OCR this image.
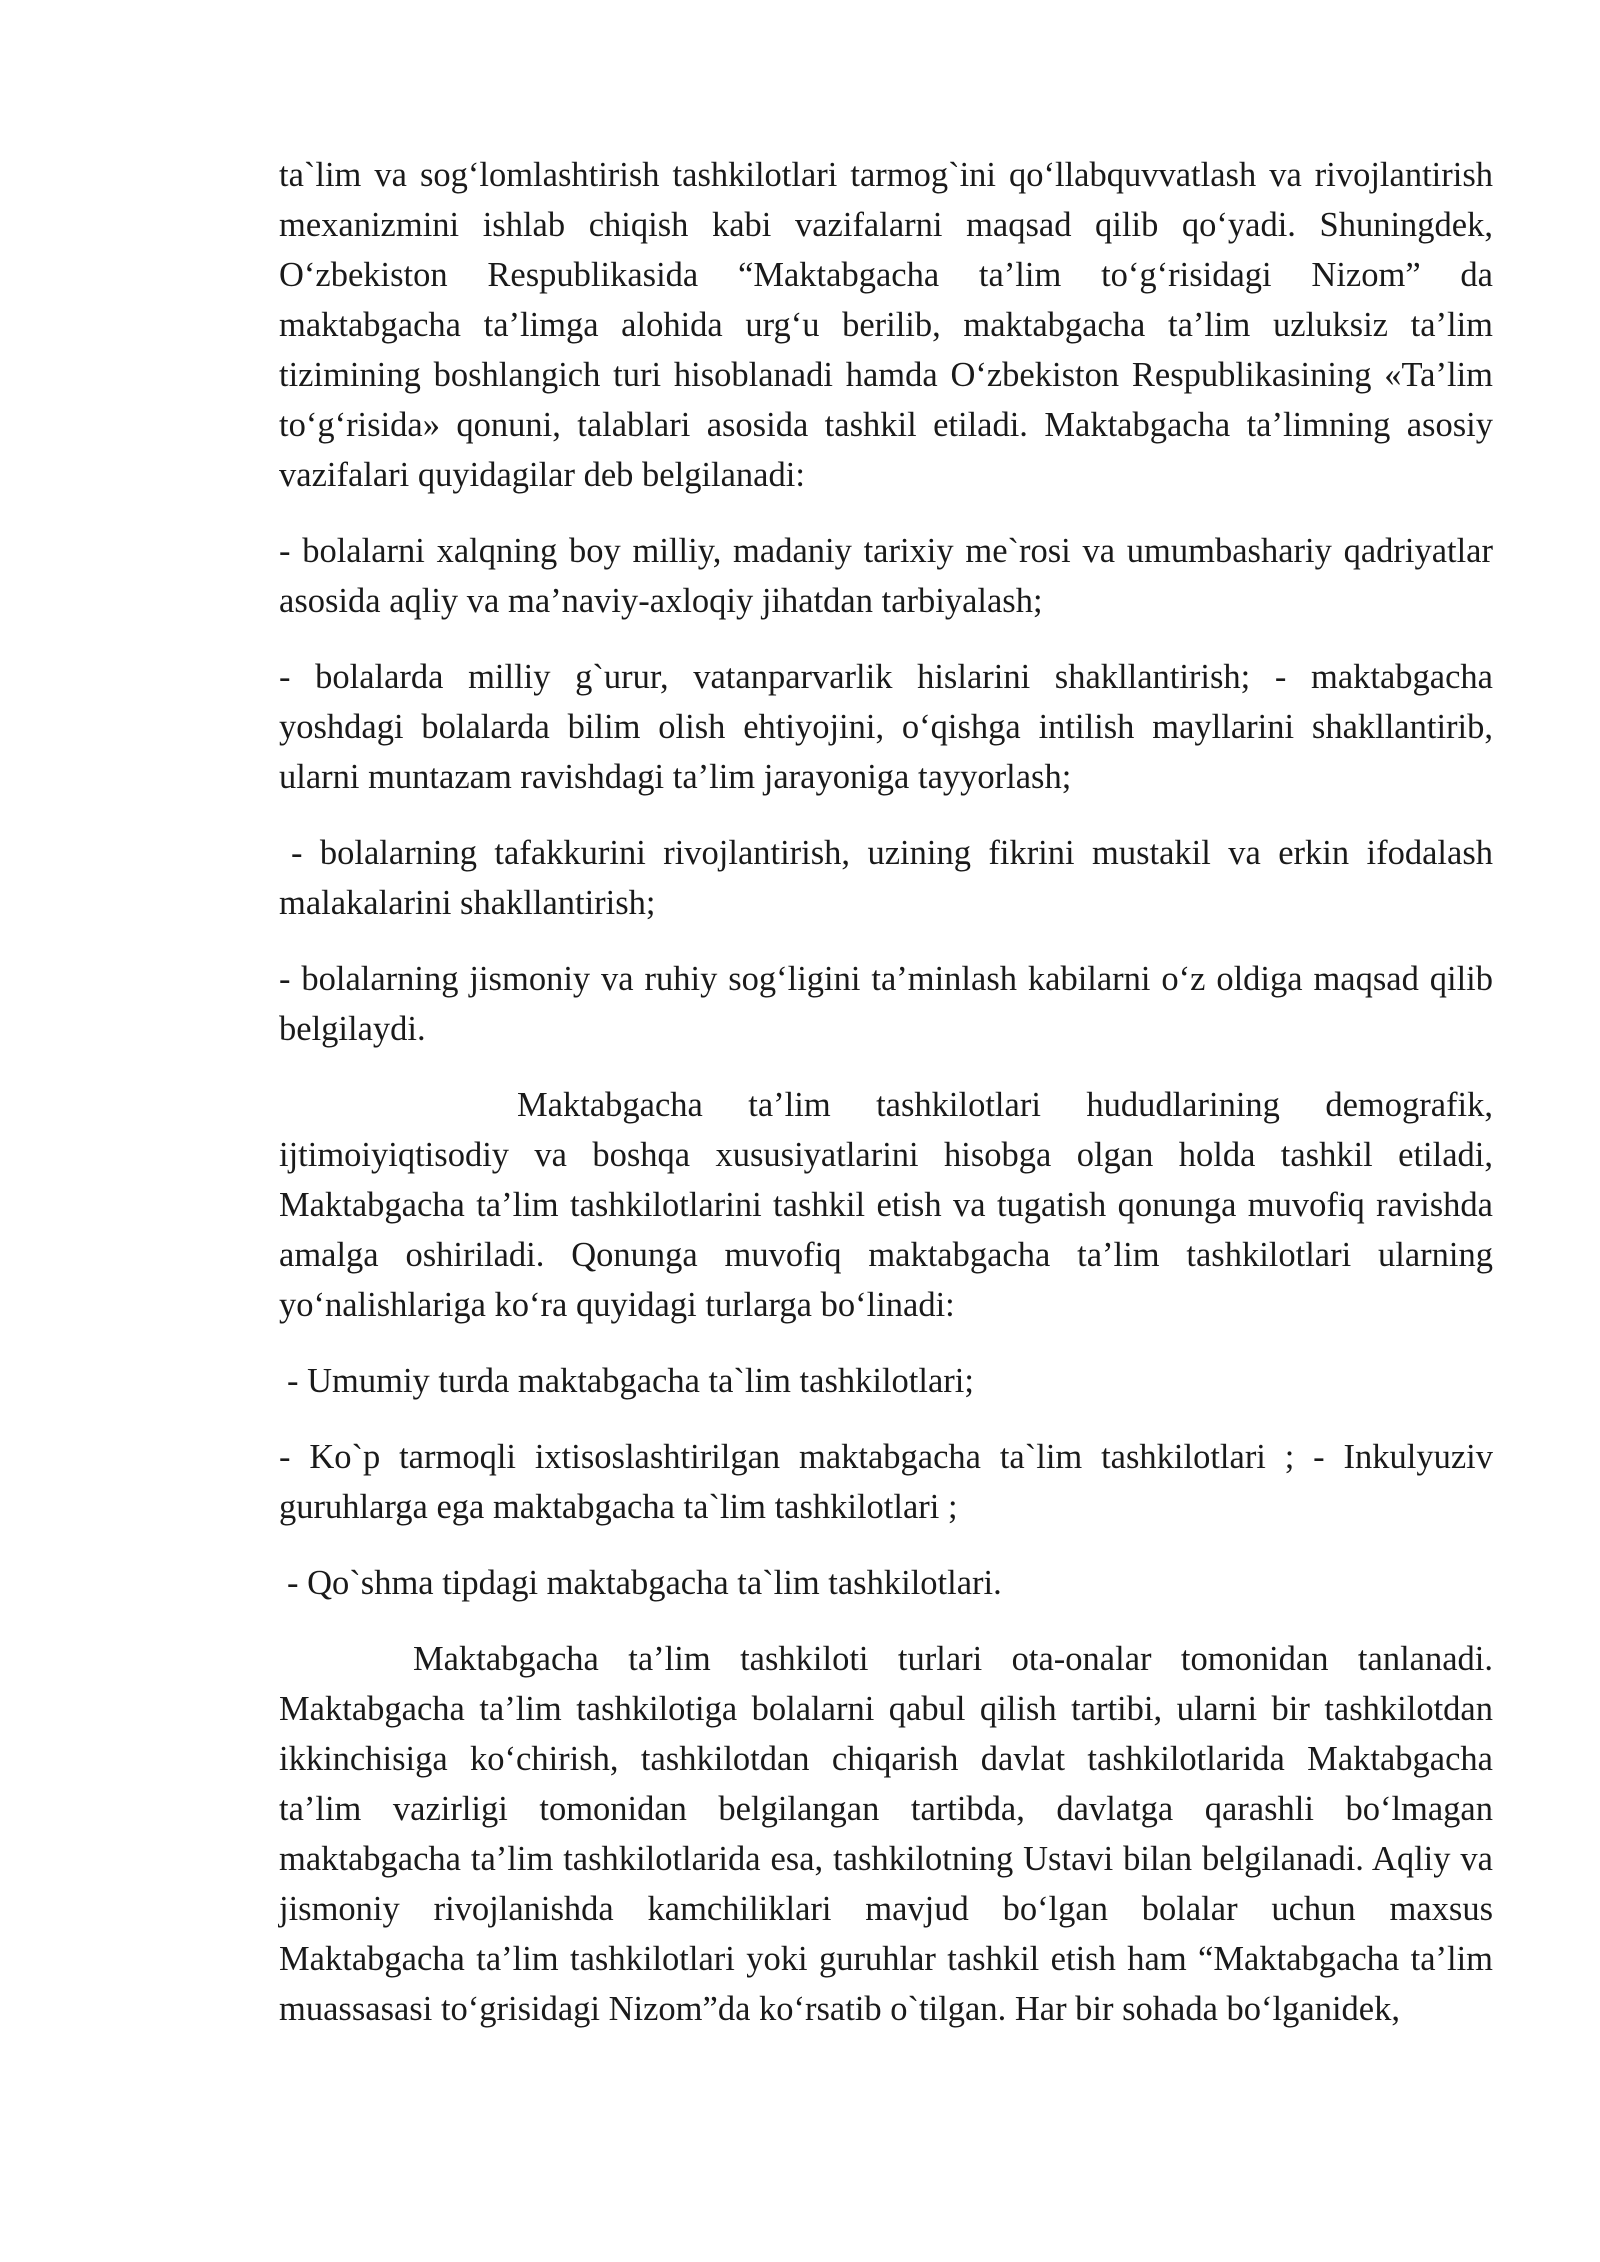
ta`lim va sog‘lomlashtirish tashkilotlari tarmog`ini qo‘llabquvvatlash va rivojlantirish mexanizmini ishlab chiqish kabi vazifalarni maqsad qilib qo‘yadi. Shuningdek, O‘zbekiston Respublikasida “Maktabgacha ta’lim to‘g‘risidagi Nizom” da maktabgacha ta’limga alohida urg‘u berilib, maktabgacha ta’lim uzluksiz ta’lim tizimining boshlangich turi hisoblanadi hamda O‘zbekiston Respublikasining «Ta’lim to‘g‘risida» qonuni, talablari asosida tashkil etiladi. Maktabgacha ta’limning asosiy vazifalari quyidagilar deb belgilanadi:

- bolalarni xalqning boy milliy, madaniy tarixiy me`rosi va umumbashariy qadriyatlar asosida aqliy va ma’naviy-axloqiy jihatdan tarbiyalash;

- bolalarda milliy g`urur, vatanparvarlik hislarini shakllantirish; - maktabgacha yoshdagi bolalarda bilim olish ehtiyojini, o‘qishga intilish mayllarini shakllantirib, ularni muntazam ravishdagi ta’lim jarayoniga tayyorlash;

- bolalarning tafakkurini rivojlantirish, uzining fikrini mustakil va erkin ifodalash malakalarini shakllantirish;

- bolalarning jismoniy va ruhiy sog‘ligini ta’minlash kabilarni o‘z oldiga maqsad qilib belgilaydi.

Maktabgacha ta’lim tashkilotlari hududlarining demografik, ijtimoiyiqtisodiy va boshqa xususiyatlarini hisobga olgan holda tashkil etiladi, Maktabgacha ta’lim tashkilotlarini tashkil etish va tugatish qonunga muvofiq ravishda amalga oshiriladi. Qonunga muvofiq maktabgacha ta’lim tashkilotlari ularning yo‘nalishlariga ko‘ra quyidagi turlarga bo‘linadi:

- Umumiy turda maktabgacha ta`lim tashkilotlari;

- Ko`p tarmoqli ixtisoslashtirilgan maktabgacha ta`lim tashkilotlari ; - Inkulyuziv guruhlarga ega maktabgacha ta`lim tashkilotlari ;

- Qo`shma tipdagi maktabgacha ta`lim tashkilotlari.

Maktabgacha ta’lim tashkiloti turlari ota-onalar tomonidan tanlanadi. Maktabgacha ta’lim tashkilotiga bolalarni qabul qilish tartibi, ularni bir tashkilotdan ikkinchisiga ko‘chirish, tashkilotdan chiqarish davlat tashkilotlarida Maktabgacha ta’lim vazirligi tomonidan belgilangan tartibda, davlatga qarashli bo‘lmagan maktabgacha ta’lim tashkilotlarida esa, tashkilotning Ustavi bilan belgilanadi. Aqliy va jismoniy rivojlanishda kamchiliklari mavjud bo‘lgan bolalar uchun maxsus Maktabgacha ta’lim tashkilotlari yoki guruhlar tashkil etish ham “Maktabgacha ta’lim muassasasi to‘grisidagi Nizom”da ko‘rsatib o`tilgan. Har bir sohada bo‘lganidek,
